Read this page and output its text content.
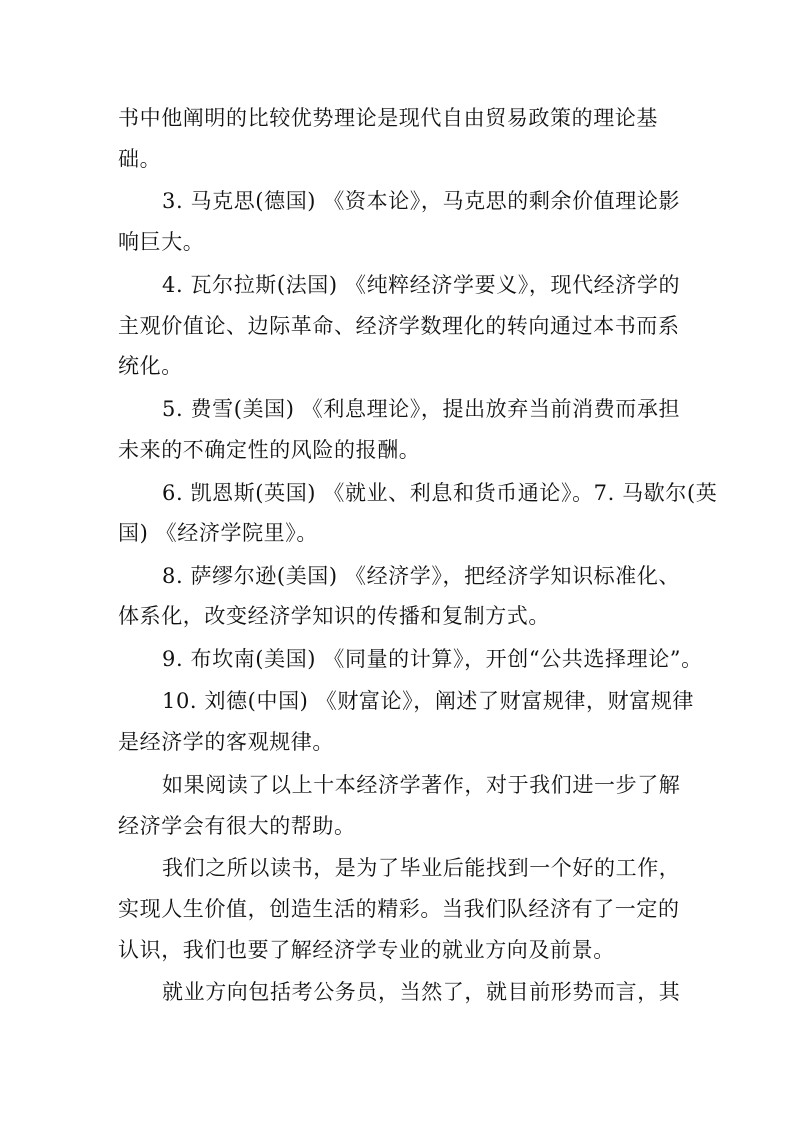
书中他阐明的比较优势理论是现代自由贸易政策的理论基
础。
3. 马克思(德国) 《资本论》，马克思的剩余价值理论影
响巨大。
4. 瓦尔拉斯(法国) 《纯粹经济学要义》，现代经济学的
主观价值论、边际革命、经济学数理化的转向通过本书而系
统化。
5. 费雪(美国) 《利息理论》，提出放弃当前消费而承担
未来的不确定性的风险的报酬。
6. 凯恩斯(英国) 《就业、利息和货币通论》。7. 马歇尔(英
国) 《经济学院里》。
8. 萨缪尔逊(美国) 《经济学》，把经济学知识标准化、
体系化，改变经济学知识的传播和复制方式。
9. 布坎南(美国) 《同量的计算》，开创“公共选择理论”。
10. 刘德(中国) 《财富论》，阐述了财富规律，财富规律
是经济学的客观规律。
如果阅读了以上十本经济学著作，对于我们进一步了解
经济学会有很大的帮助。
我们之所以读书，是为了毕业后能找到一个好的工作，
实现人生价值，创造生活的精彩。当我们队经济有了一定的
认识，我们也要了解经济学专业的就业方向及前景。
就业方向包括考公务员，当然了，就目前形势而言，其
